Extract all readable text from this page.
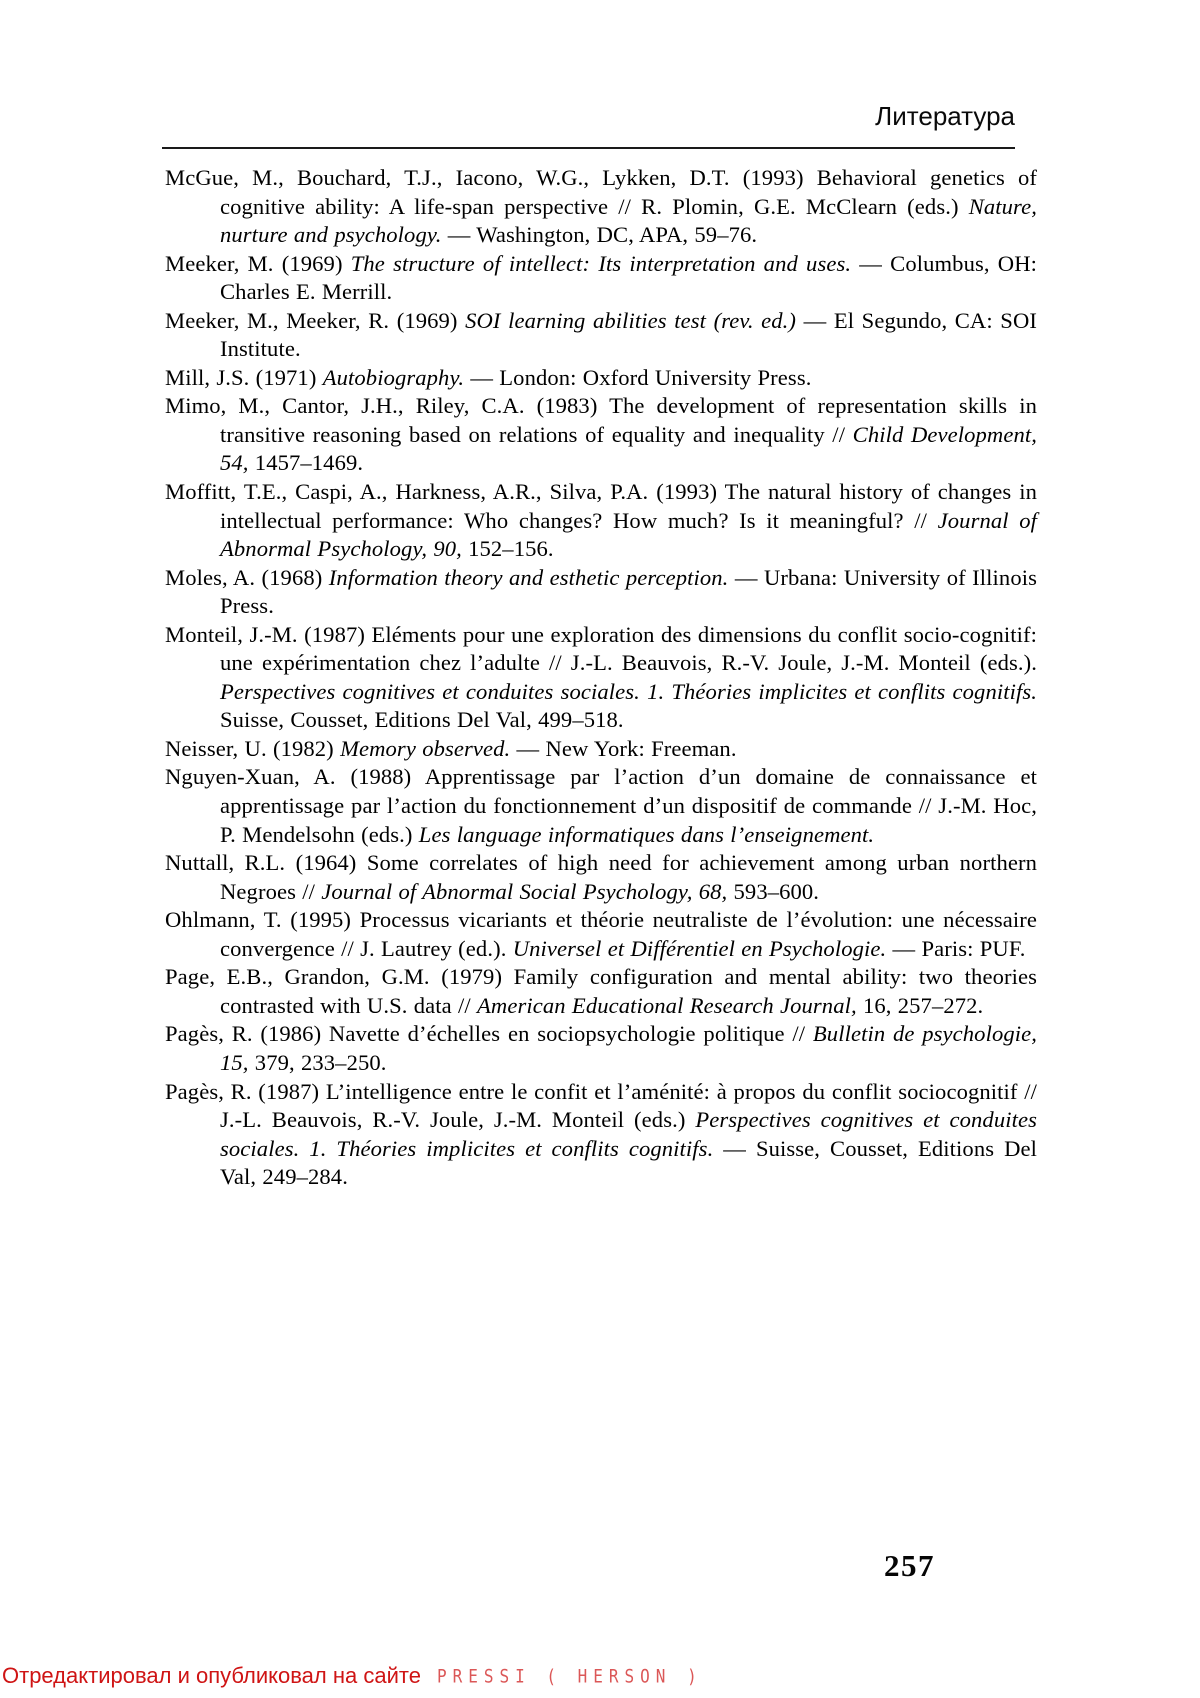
Литература

McGue, M., Bouchard, T.J., Iacono, W.G., Lykken, D.T. (1993) Behavioral genetics of cognitive ability: A life-span perspective // R. Plomin, G.E. McClearn (eds.) Nature, nurture and psychology. — Washington, DC, APA, 59–76.

Meeker, M. (1969) The structure of intellect: Its interpretation and uses. — Columbus, OH: Charles E. Merrill.

Meeker, M., Meeker, R. (1969) SOI learning abilities test (rev. ed.) — El Segundo, CA: SOI Institute.

Mill, J.S. (1971) Autobiography. — London: Oxford University Press.

Mimo, M., Cantor, J.H., Riley, C.A. (1983) The development of representation skills in transitive reasoning based on relations of equality and inequality // Child Development, 54, 1457–1469.

Moffitt, T.E., Caspi, A., Harkness, A.R., Silva, P.A. (1993) The natural history of changes in intellectual performance: Who changes? How much? Is it meaningful? // Journal of Abnormal Psychology, 90, 152–156.

Moles, A. (1968) Information theory and esthetic perception. — Urbana: University of Illinois Press.

Monteil, J.-M. (1987) Eléments pour une exploration des dimensions du conflit socio-cognitif: une expérimentation chez l’adulte // J.-L. Beauvois, R.-V. Joule, J.-M. Monteil (eds.). Perspectives cognitives et conduites sociales. 1. Théories implicites et conflits cognitifs. Suisse, Cousset, Editions Del Val, 499–518.

Neisser, U. (1982) Memory observed. — New York: Freeman.

Nguyen-Xuan, A. (1988) Apprentissage par l’action d’un domaine de connaissance et apprentissage par l’action du fonctionnement d’un dispositif de commande // J.-M. Hoc, P. Mendelsohn (eds.) Les language informatiques dans l’enseignement.

Nuttall, R.L. (1964) Some correlates of high need for achievement among urban northern Negroes // Journal of Abnormal Social Psychology, 68, 593–600.

Ohlmann, T. (1995) Processus vicariants et théorie neutraliste de l’évolution: une nécessaire convergence // J. Lautrey (ed.). Universel et Différentiel en Psychologie. — Paris: PUF.

Page, E.B., Grandon, G.M. (1979) Family configuration and mental ability: two theories contrasted with U.S. data // American Educational Research Journal, 16, 257–272.

Pagès, R. (1986) Navette d’échelles en sociopsychologie politique // Bulletin de psychologie, 15, 379, 233–250.

Pagès, R. (1987) L’intelligence entre le confit et l’aménité: à propos du conflit sociocognitif // J.-L. Beauvois, R.-V. Joule, J.-M. Monteil (eds.) Perspectives cognitives et conduites sociales. 1. Théories implicites et conflits cognitifs. — Suisse, Cousset, Editions Del Val, 249–284.

257
Отредактировал и опубликовал на сайте PRESSI ( HERSON )
